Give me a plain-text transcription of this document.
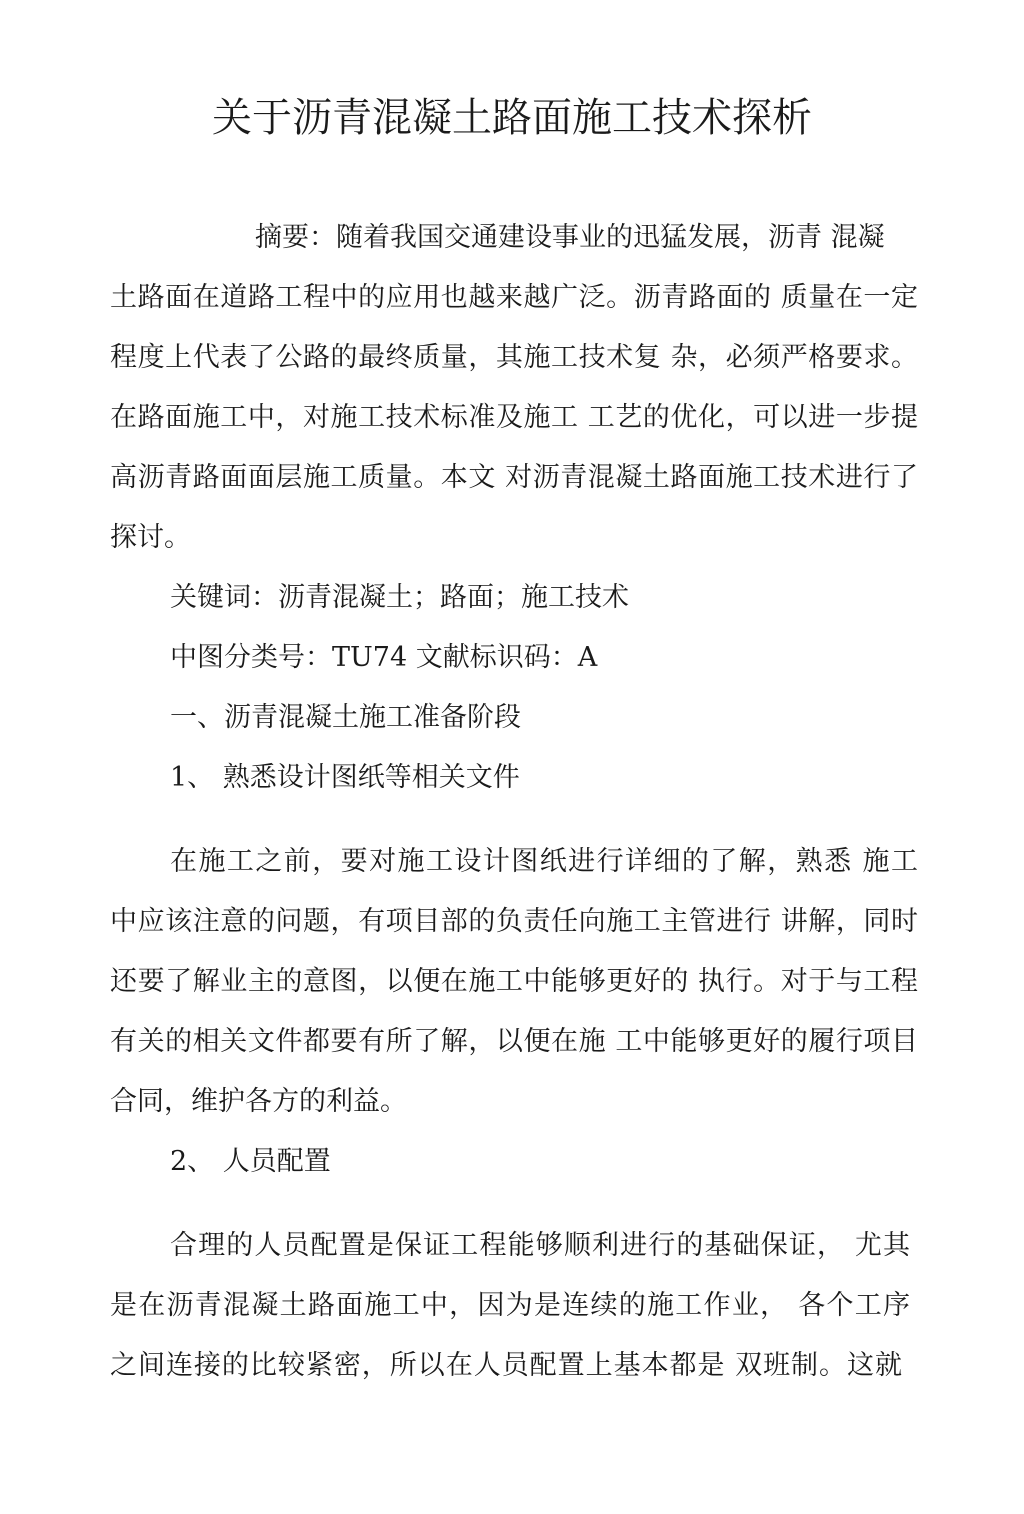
关于沥青混凝土路面施工技术探析
摘要：随着我国交通建设事业的迅猛发展，沥青 混凝
土路面在道路工程中的应用也越来越广泛。沥青路面的 质量在一定
程度上代表了公路的最终质量，其施工技术复 杂，必须严格要求。
在路面施工中，对施工技术标准及施工 工艺的优化，可以进一步提
高沥青路面面层施工质量。本文 对沥青混凝土路面施工技术进行了
探讨。
关键词：沥青混凝土；路面；施工技术
中图分类号：TU74 文献标识码：A
一、沥青混凝土施工准备阶段
1、 熟悉设计图纸等相关文件
在施工之前，要对施工设计图纸进行详细的了解，熟悉 施工
中应该注意的问题，有项目部的负责任向施工主管进行 讲解，同时
还要了解业主的意图，以便在施工中能够更好的 执行。对于与工程
有关的相关文件都要有所了解，以便在施 工中能够更好的履行项目
合同，维护各方的利益。
2、 人员配置
合理的人员配置是保证工程能够顺利进行的基础保证， 尤其
是在沥青混凝土路面施工中，因为是连续的施工作业， 各个工序
之间连接的比较紧密，所以在人员配置上基本都是 双班制。这就
